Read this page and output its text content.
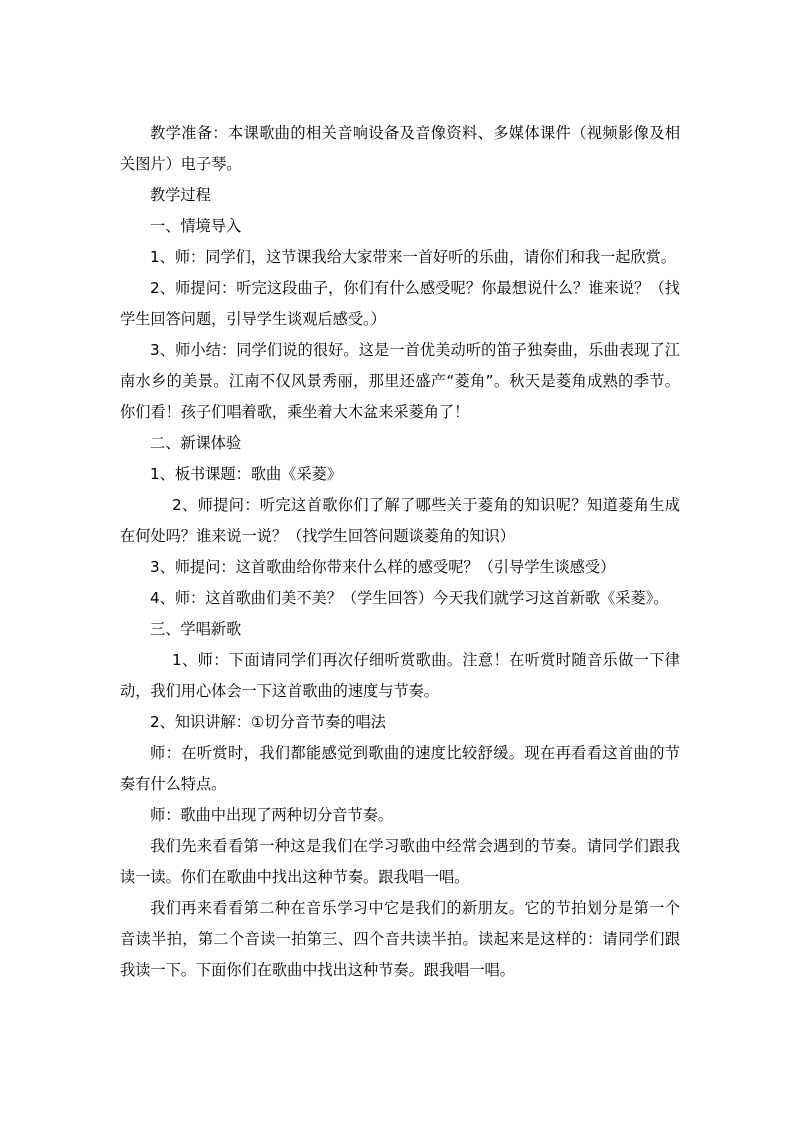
教学准备：本课歌曲的相关音响设备及音像资料、多媒体课件（视频影像及相关图片）电子琴。

教学过程

一、情境导入

1、师：同学们，这节课我给大家带来一首好听的乐曲，请你们和我一起欣赏。

2、师提问：听完这段曲子，你们有什么感受呢？你最想说什么？谁来说？（找学生回答问题，引导学生谈观后感受。）

3、师小结：同学们说的很好。这是一首优美动听的笛子独奏曲，乐曲表现了江南水乡的美景。江南不仅风景秀丽，那里还盛产“菱角”。秋天是菱角成熟的季节。你们看！孩子们唱着歌，乘坐着大木盆来采菱角了！

二、新课体验

1、板书课题：歌曲《采菱》

2、师提问：听完这首歌你们了解了哪些关于菱角的知识呢？知道菱角生成在何处吗？谁来说一说？（找学生回答问题谈菱角的知识）

3、师提问：这首歌曲给你带来什么样的感受呢？（引导学生谈感受）

4、师：这首歌曲们美不美？（学生回答）今天我们就学习这首新歌《采菱》。

三、学唱新歌

1、师：下面请同学们再次仔细听赏歌曲。注意！在听赏时随音乐做一下律动，我们用心体会一下这首歌曲的速度与节奏。

2、知识讲解：①切分音节奏的唱法

师：在听赏时，我们都能感觉到歌曲的速度比较舒缓。现在再看看这首曲的节奏有什么特点。

师：歌曲中出现了两种切分音节奏。

我们先来看看第一种这是我们在学习歌曲中经常会遇到的节奏。请同学们跟我读一读。你们在歌曲中找出这种节奏。跟我唱一唱。

我们再来看看第二种在音乐学习中它是我们的新朋友。它的节拍划分是第一个音读半拍，第二个音读一拍第三、四个音共读半拍。读起来是这样的：请同学们跟我读一下。下面你们在歌曲中找出这种节奏。跟我唱一唱。
